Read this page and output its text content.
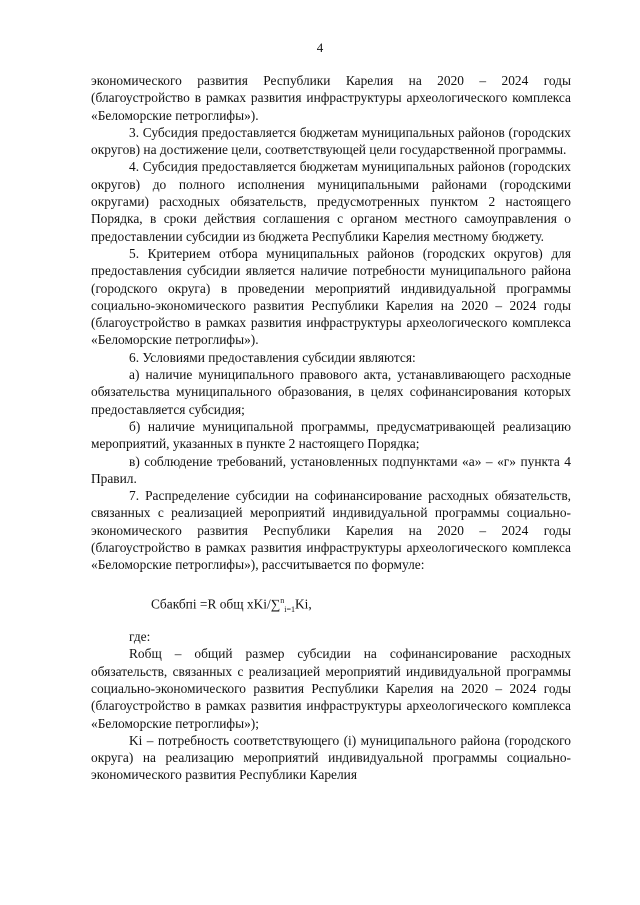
4

экономического развития Республики Карелия на 2020 – 2024 годы (благоустройство в рамках развития инфраструктуры археологического комплекса «Беломорские петроглифы»).

3. Субсидия предоставляется бюджетам муниципальных районов (городских округов) на достижение цели, соответствующей цели государственной программы.

4. Субсидия предоставляется бюджетам муниципальных районов (городских округов) до полного исполнения муниципальными районами (городскими округами) расходных обязательств, предусмотренных пунктом 2 настоящего Порядка, в сроки действия соглашения с органом местного самоуправления о предоставлении субсидии из бюджета Республики Карелия местному бюджету.

5. Критерием отбора муниципальных районов (городских округов) для предоставления субсидии является наличие потребности муниципального района (городского округа) в проведении мероприятий индивидуальной программы социально-экономического развития Республики Карелия на 2020 – 2024 годы (благоустройство в рамках развития инфраструктуры археологического комплекса «Беломорские петроглифы»).

6. Условиями предоставления субсидии являются:

а) наличие муниципального правового акта, устанавливающего расходные обязательства муниципального образования, в целях софинансирования которых предоставляется субсидия;

б) наличие муниципальной программы, предусматривающей реализацию мероприятий, указанных в пункте 2 настоящего Порядка;

в) соблюдение требований, установленных подпунктами «а» – «г» пункта 4 Правил.

7. Распределение субсидии на софинансирование расходных обязательств, связанных с реализацией мероприятий индивидуальной программы социально-экономического развития Республики Карелия на 2020 – 2024 годы (благоустройство в рамках развития инфраструктуры археологического комплекса «Беломорские петроглифы»), рассчитывается по формуле:

Cбакбпi =R общ xKi/∑$^n_{i=1}$Ki,

где:

Rобщ – общий размер субсидии на софинансирование расходных обязательств, связанных с реализацией мероприятий индивидуальной программы социально-экономического развития Республики Карелия на 2020 – 2024 годы (благоустройство в рамках развития инфраструктуры археологического комплекса «Беломорские петроглифы»);

Ki – потребность соответствующего (i) муниципального района (городского округа) на реализацию мероприятий индивидуальной программы социально-экономического развития Республики Карелия
